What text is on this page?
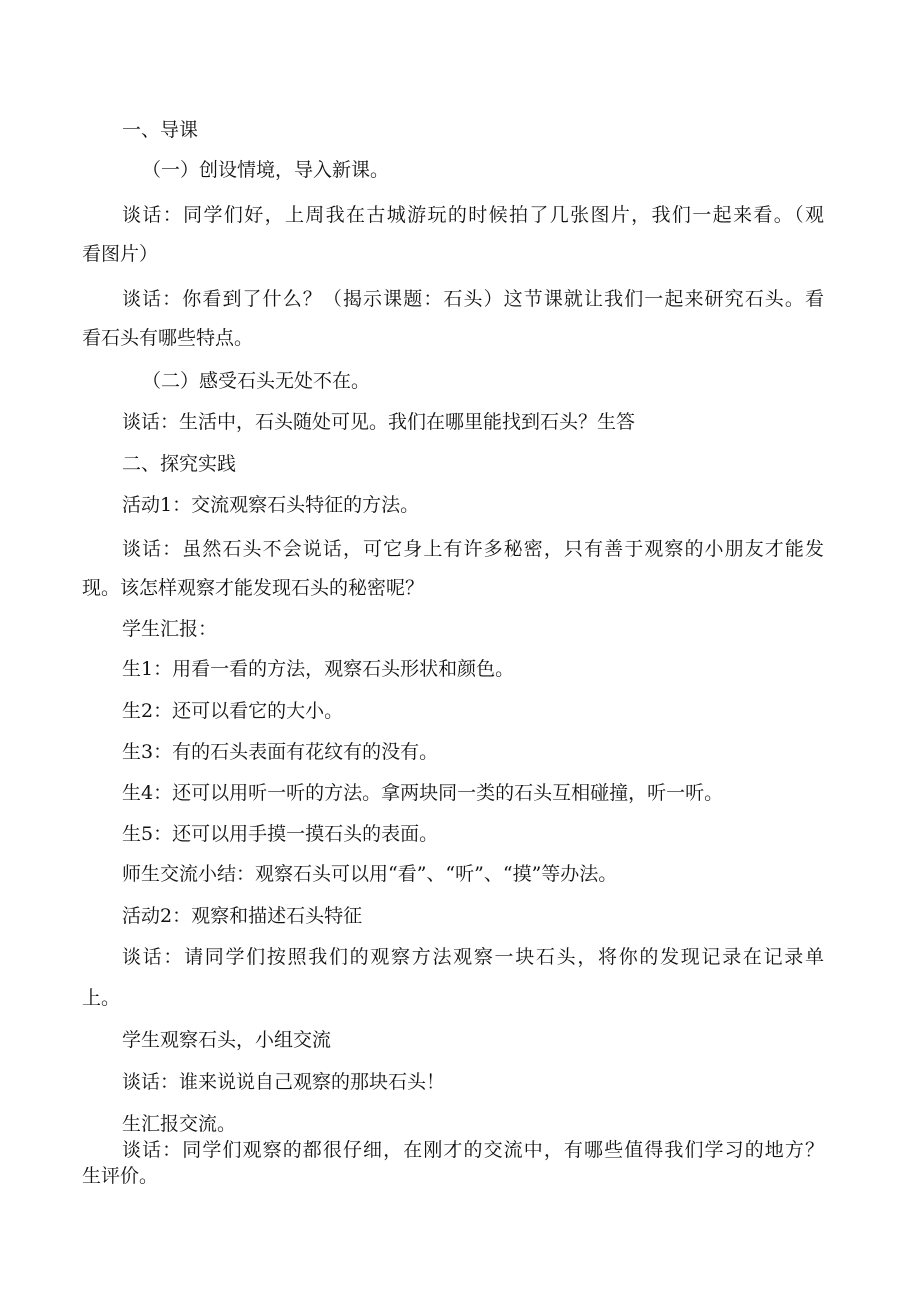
一、导课
（一）创设情境，导入新课。
谈话：同学们好，上周我在古城游玩的时候拍了几张图片，我们一起来看。（观
看图片）
谈话：你看到了什么？（揭示课题：石头）这节课就让我们一起来研究石头。看
看石头有哪些特点。
（二）感受石头无处不在。
谈话：生活中，石头随处可见。我们在哪里能找到石头？生答
二、探究实践
活动1：交流观察石头特征的方法。
谈话：虽然石头不会说话，可它身上有许多秘密，只有善于观察的小朋友才能发
现。该怎样观察才能发现石头的秘密呢？
学生汇报：
生1：用看一看的方法，观察石头形状和颜色。
生2：还可以看它的大小。
生3：有的石头表面有花纹有的没有。
生4：还可以用听一听的方法。拿两块同一类的石头互相碰撞，听一听。
生5：还可以用手摸一摸石头的表面。
师生交流小结：观察石头可以用“看”、“听”、“摸”等办法。
活动2：观察和描述石头特征
谈话：请同学们按照我们的观察方法观察一块石头，将你的发现记录在记录单
上。
学生观察石头，小组交流
谈话：谁来说说自己观察的那块石头！
生汇报交流。
谈话：同学们观察的都很仔细，在刚才的交流中，有哪些值得我们学习的地方？
生评价。
